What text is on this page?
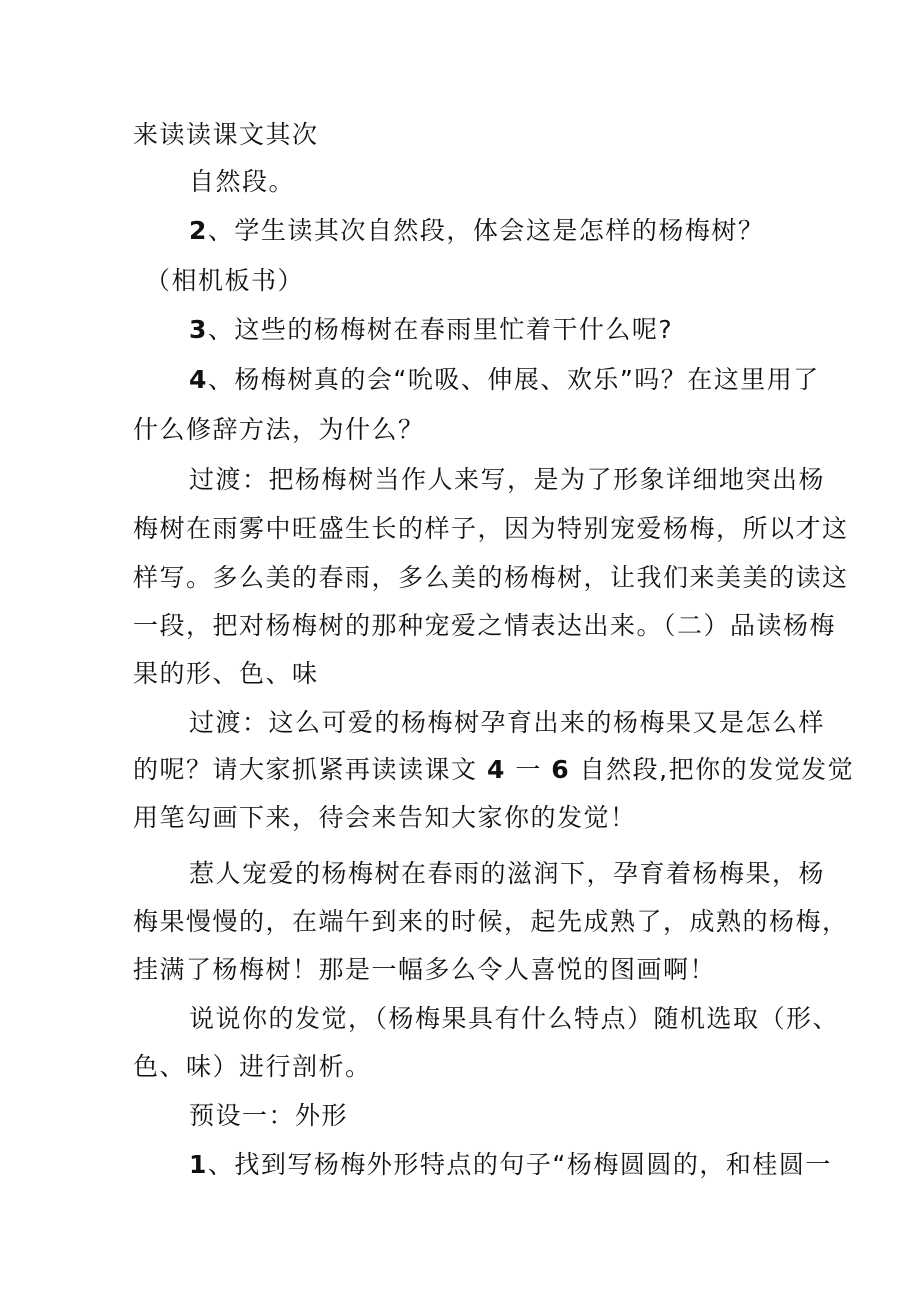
来读读课文其次
自然段。
2、学生读其次自然段，体会这是怎样的杨梅树？
（相机板书）
3、这些的杨梅树在春雨里忙着干什么呢?
4、杨梅树真的会“吮吸、伸展、欢乐”吗？在这里用了
什么修辞方法，为什么？
过渡：把杨梅树当作人来写，是为了形象详细地突出杨
梅树在雨雾中旺盛生长的样子，因为特别宠爱杨梅，所以才这
样写。多么美的春雨，多么美的杨梅树，让我们来美美的读这
一段，把对杨梅树的那种宠爱之情表达出来。（二）品读杨梅
果的形、色、味
过渡：这么可爱的杨梅树孕育出来的杨梅果又是怎么样
的呢？请大家抓紧再读读课文 4 一 6 自然段,把你的发觉发觉
用笔勾画下来，待会来告知大家你的发觉！
惹人宠爱的杨梅树在春雨的滋润下，孕育着杨梅果，杨
梅果慢慢的，在端午到来的时候，起先成熟了，成熟的杨梅，
挂满了杨梅树！那是一幅多么令人喜悦的图画啊！
说说你的发觉，（杨梅果具有什么特点）随机选取（形、
色、味）进行剖析。
预设一：外形
1、找到写杨梅外形特点的句子“杨梅圆圆的，和桂圆一
